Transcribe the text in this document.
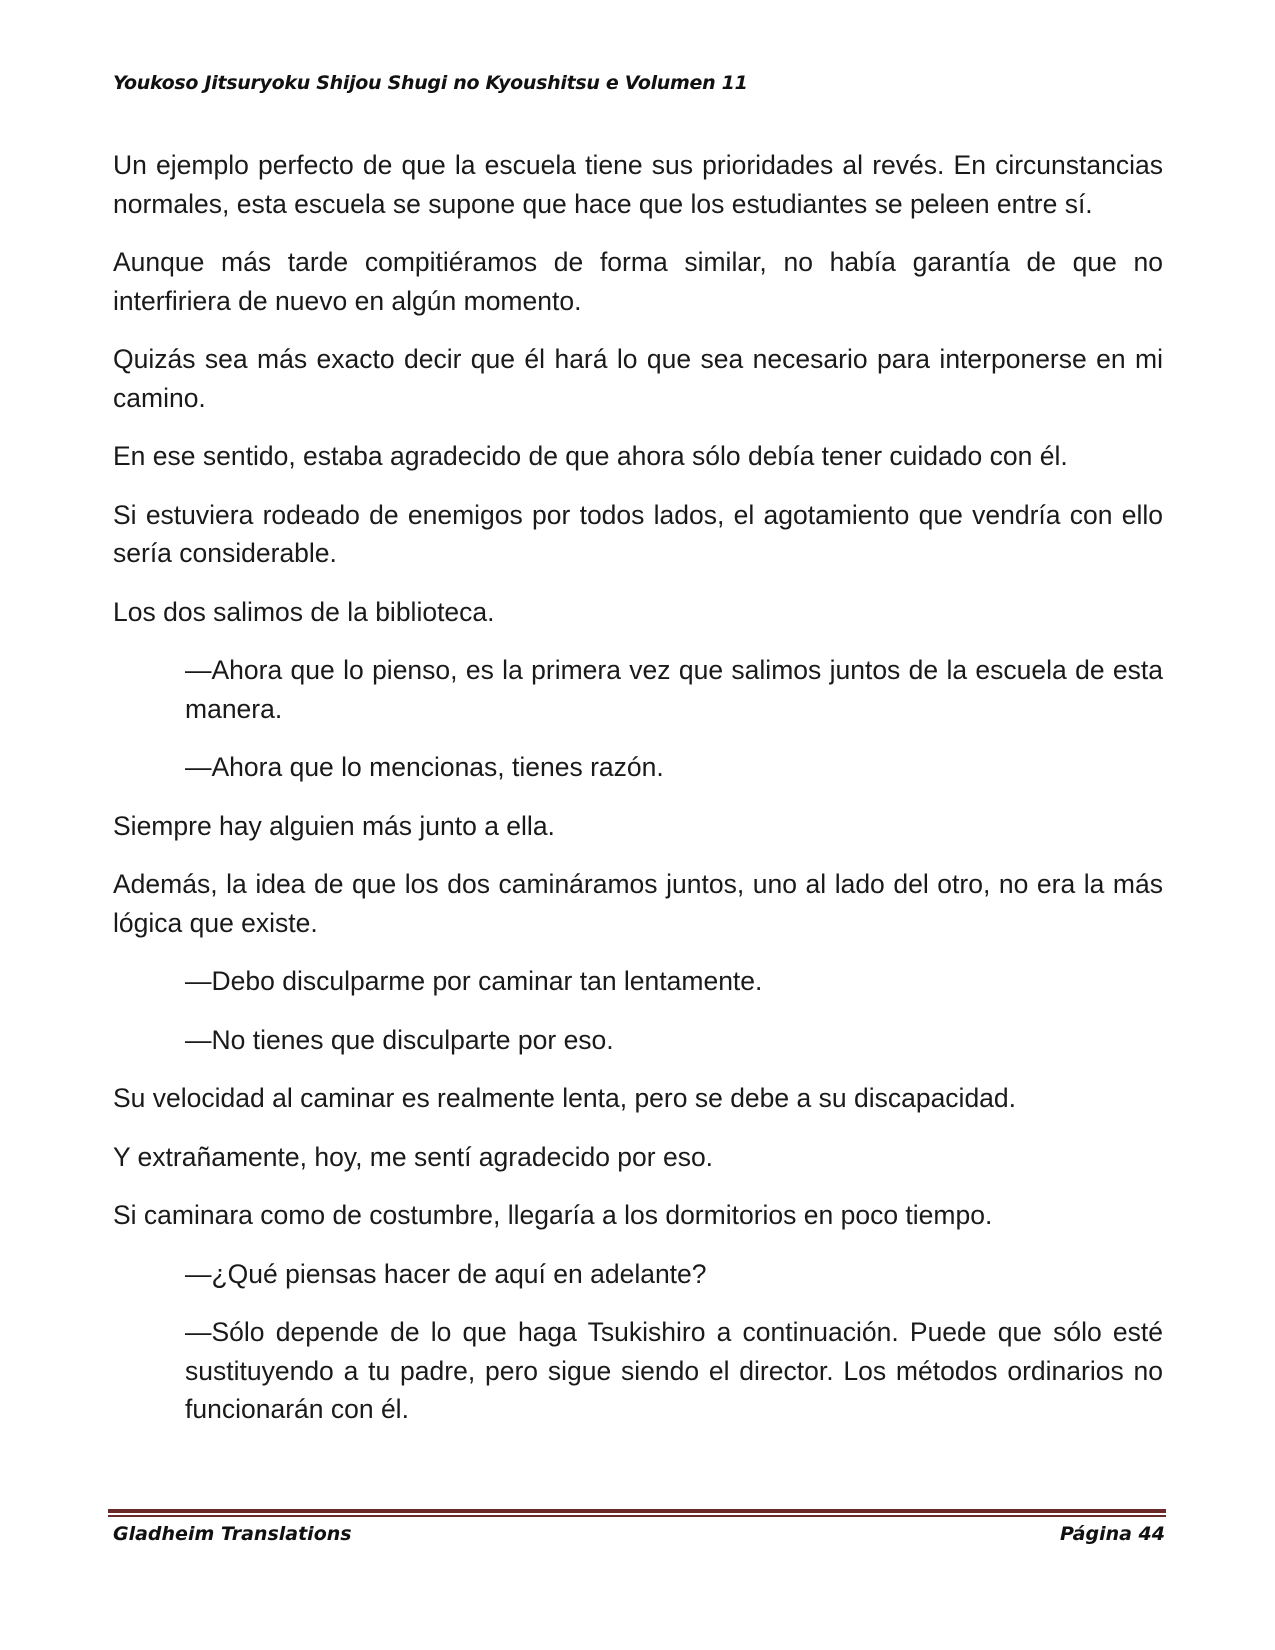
Youkoso Jitsuryoku Shijou Shugi no Kyoushitsu e Volumen 11

Un ejemplo perfecto de que la escuela tiene sus prioridades al revés. En circunstancias normales, esta escuela se supone que hace que los estudiantes se peleen entre sí.

Aunque más tarde compitiéramos de forma similar, no había garantía de que no interfiriera de nuevo en algún momento.

Quizás sea más exacto decir que él hará lo que sea necesario para interponerse en mi camino.

En ese sentido, estaba agradecido de que ahora sólo debía tener cuidado con él.

Si estuviera rodeado de enemigos por todos lados, el agotamiento que vendría con ello sería considerable.

Los dos salimos de la biblioteca.

—Ahora que lo pienso, es la primera vez que salimos juntos de la escuela de esta manera.

—Ahora que lo mencionas, tienes razón.

Siempre hay alguien más junto a ella.

Además, la idea de que los dos camináramos juntos, uno al lado del otro, no era la más lógica que existe.

—Debo disculparme por caminar tan lentamente.

—No tienes que disculparte por eso.

Su velocidad al caminar es realmente lenta, pero se debe a su discapacidad.

Y extrañamente, hoy, me sentí agradecido por eso.

Si caminara como de costumbre, llegaría a los dormitorios en poco tiempo.

—¿Qué piensas hacer de aquí en adelante?

—Sólo depende de lo que haga Tsukishiro a continuación. Puede que sólo esté sustituyendo a tu padre, pero sigue siendo el director. Los métodos ordinarios no funcionarán con él.

Gladheim Translations	Página 44
